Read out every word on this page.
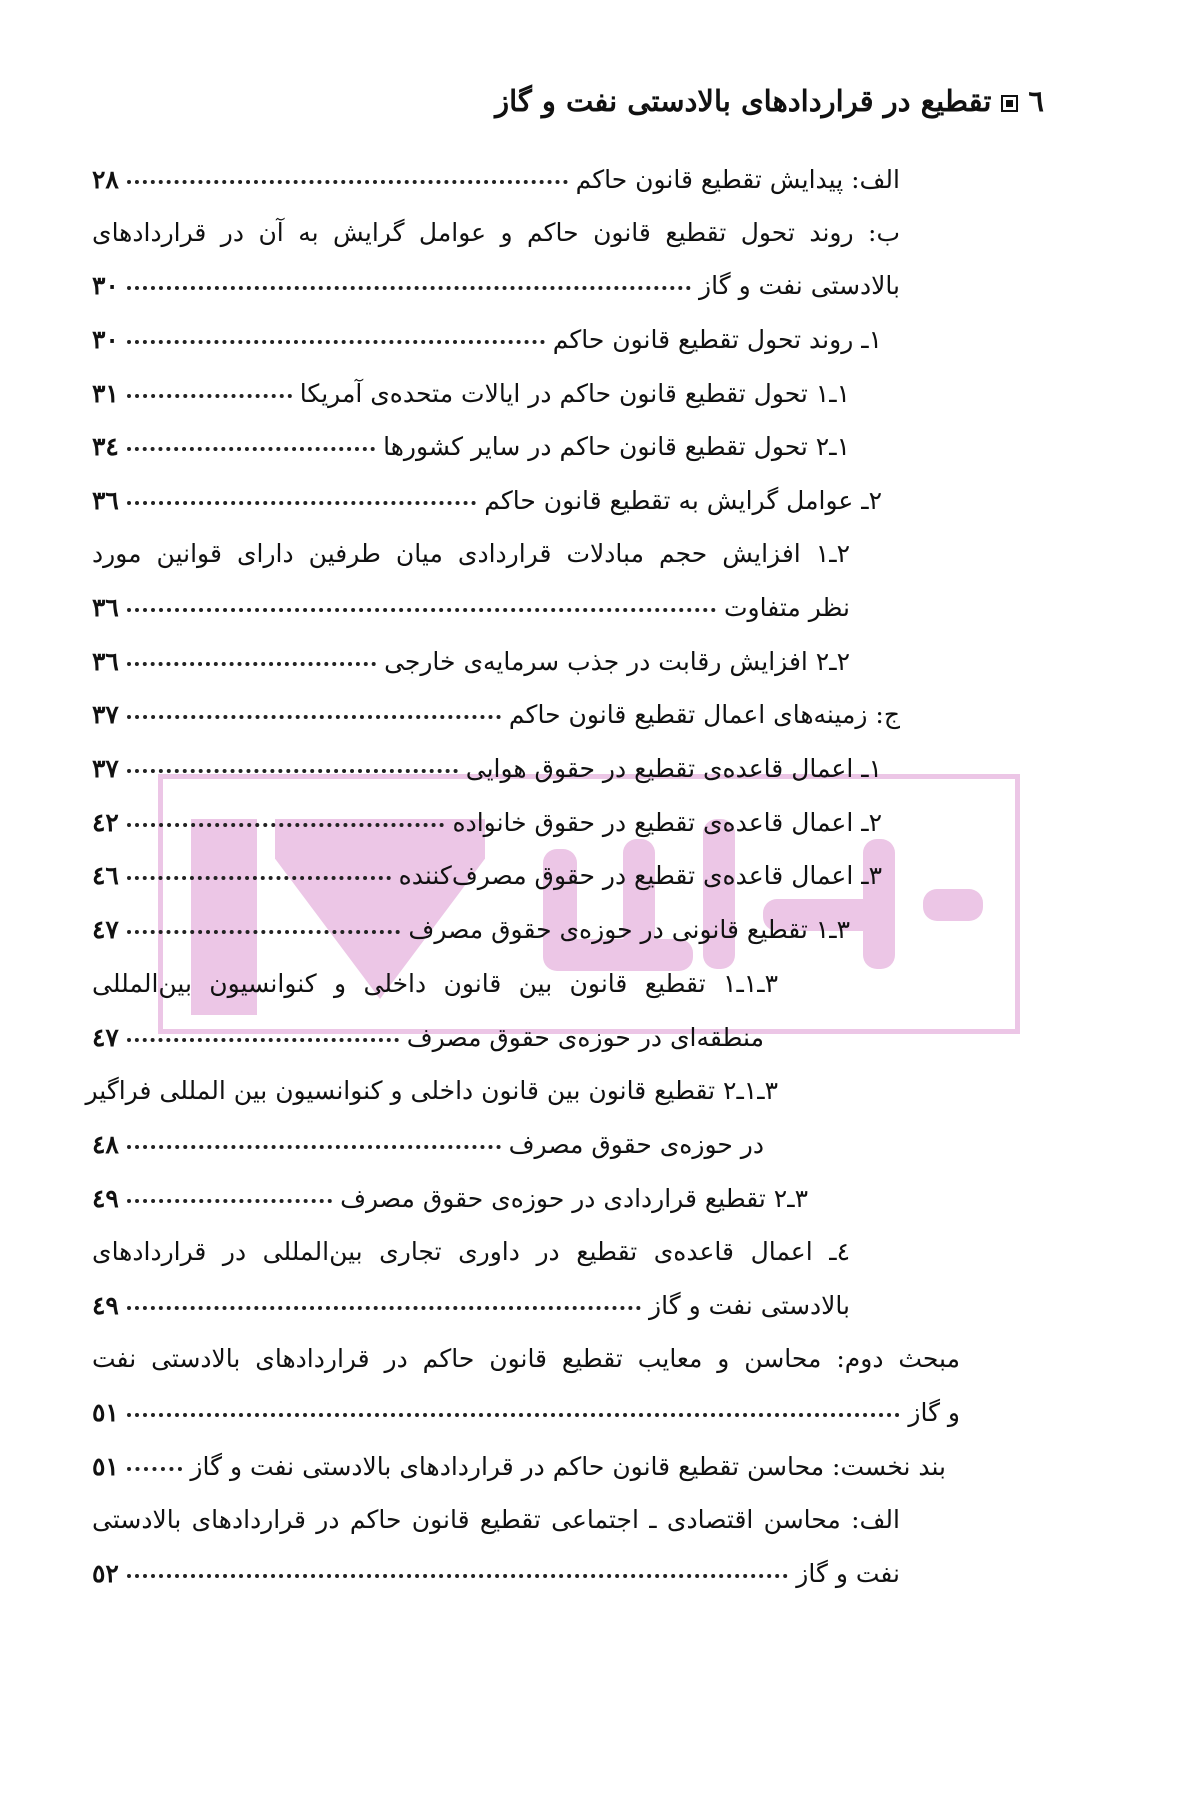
٦تقطیع در قراردادهای بالادستی نفت و گاز
الف: پیدایش تقطیع قانون حاکم
۲۸
ب: روند تحول تقطیع قانون حاکم و عوامل گرایش به آن در قراردادهای
بالادستی نفت و گاز
۳۰
۱ـ روند تحول تقطیع قانون حاکم
۳۰
۱ـ۱ تحول تقطیع قانون حاکم در ایالات متحده‌ی آمریکا
۳۱
۱ـ۲ تحول تقطیع قانون حاکم در سایر کشورها
۳٤
۲ـ عوامل گرایش به تقطیع قانون حاکم
۳٦
۲ـ۱ افزایش حجم مبادلات قراردادی میان طرفین دارای قوانین مورد
نظر متفاوت
۳٦
۲ـ۲ افزایش رقابت در جذب سرمایه‌ی خارجی
۳٦
ج: زمینه‌های اعمال تقطیع قانون حاکم
۳۷
۱ـ اعمال قاعده‌ی تقطیع در حقوق هوایی
۳۷
۲ـ اعمال قاعده‌ی تقطیع در حقوق خانواده
٤۲
۳ـ اعمال قاعده‌ی تقطیع در حقوق مصرف‌کننده
٤٦
۳ـ۱ تقطیع قانونی در حوزه‌ی حقوق مصرف
٤۷
۳ـ۱ـ۱ تقطیع قانون بین قانون داخلی و کنوانسیون بین‌المللی
منطقه‌ای در حوزه‌ی حقوق مصرف
٤۷
۳ـ۱ـ۲ تقطیع قانون بین قانون داخلی و کنوانسیون بین المللی فراگیر
در حوزه‌ی حقوق مصرف
٤۸
۳ـ۲ تقطیع قراردادی در حوزه‌ی حقوق مصرف
٤۹
٤ـ اعمال قاعده‌ی تقطیع در داوری تجاری بین‌المللی در قراردادهای
بالادستی نفت و گاز
٤۹
مبحث دوم: محاسن و معایب تقطیع قانون حاکم در قراردادهای بالادستی نفت
و گاز
٥۱
بند نخست: محاسن تقطیع قانون حاکم در قراردادهای بالادستی نفت و گاز
٥۱
الف: محاسن اقتصادی ـ اجتماعی تقطیع قانون حاکم در قراردادهای بالادستی
نفت و گاز
٥۲
